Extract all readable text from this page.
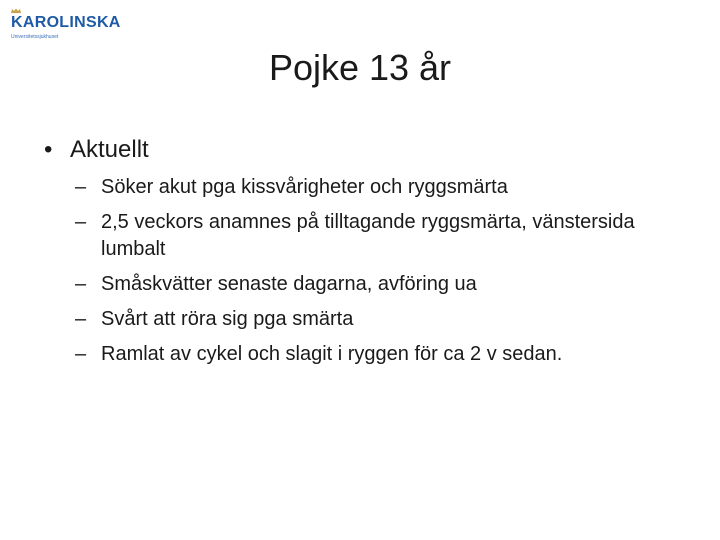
KAROLINSKA
Universitetssjukhuset
Pojke 13 år
• Aktuellt
– Söker akut pga kissvårigheter och ryggsmärta
– 2,5 veckors anamnes på tilltagande ryggsmärta, vänstersida lumbalt
– Småskvätter senaste dagarna, avföring ua
– Svårt att röra sig pga smärta
– Ramlat av cykel och slagit i ryggen för ca 2 v sedan.
